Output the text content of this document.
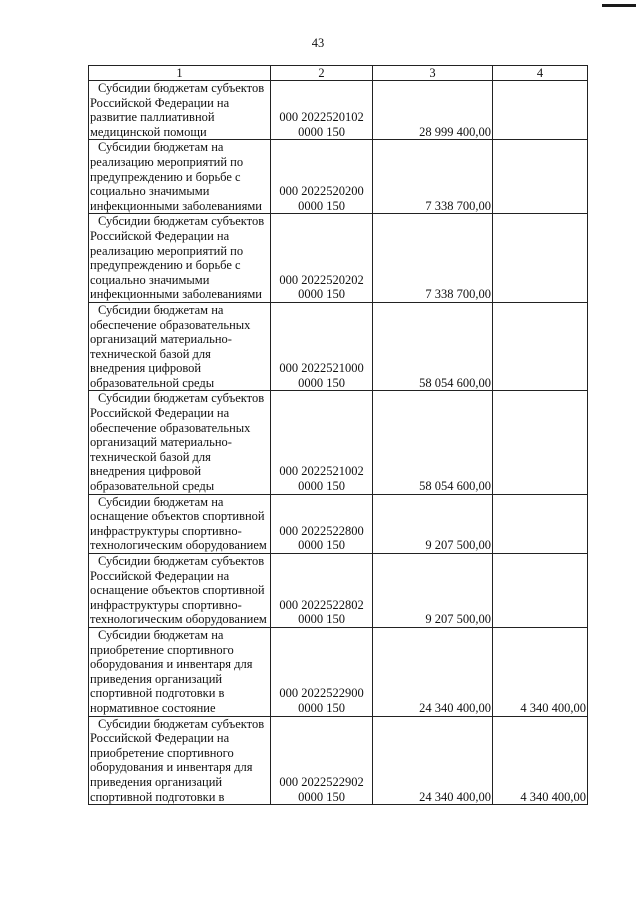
43
1	2	3	4

Субсидии бюджетам субъектов Российской Федерации на развитие паллиативной медицинской помощи	000 2022520102 0000 150	28 999 400,00	

Субсидии бюджетам на реализацию мероприятий по предупреждению и борьбе с социально значимыми инфекционными заболеваниями	000 2022520200 0000 150	7 338 700,00	

Субсидии бюджетам субъектов Российской Федерации на реализацию мероприятий по предупреждению и борьбе с социально значимыми инфекционными заболеваниями	000 2022520202 0000 150	7 338 700,00	

Субсидии бюджетам на обеспечение образовательных организаций материально-технической базой для внедрения цифровой образовательной среды	000 2022521000 0000 150	58 054 600,00	

Субсидии бюджетам субъектов Российской Федерации на обеспечение образовательных организаций материально-технической базой для внедрения цифровой образовательной среды	000 2022521002 0000 150	58 054 600,00	

Субсидии бюджетам на оснащение объектов спортивной инфраструктуры спортивно-технологическим оборудованием	000 2022522800 0000 150	9 207 500,00	

Субсидии бюджетам субъектов Российской Федерации на оснащение объектов спортивной инфраструктуры спортивно-технологическим оборудованием	000 2022522802 0000 150	9 207 500,00	

Субсидии бюджетам на приобретение спортивного оборудования и инвентаря для приведения организаций спортивной подготовки в нормативное состояние	000 2022522900 0000 150	24 340 400,00	4 340 400,00

Субсидии бюджетам субъектов Российской Федерации на приобретение спортивного оборудования и инвентаря для приведения организаций спортивной подготовки в	000 2022522902 0000 150	24 340 400,00	4 340 400,00
